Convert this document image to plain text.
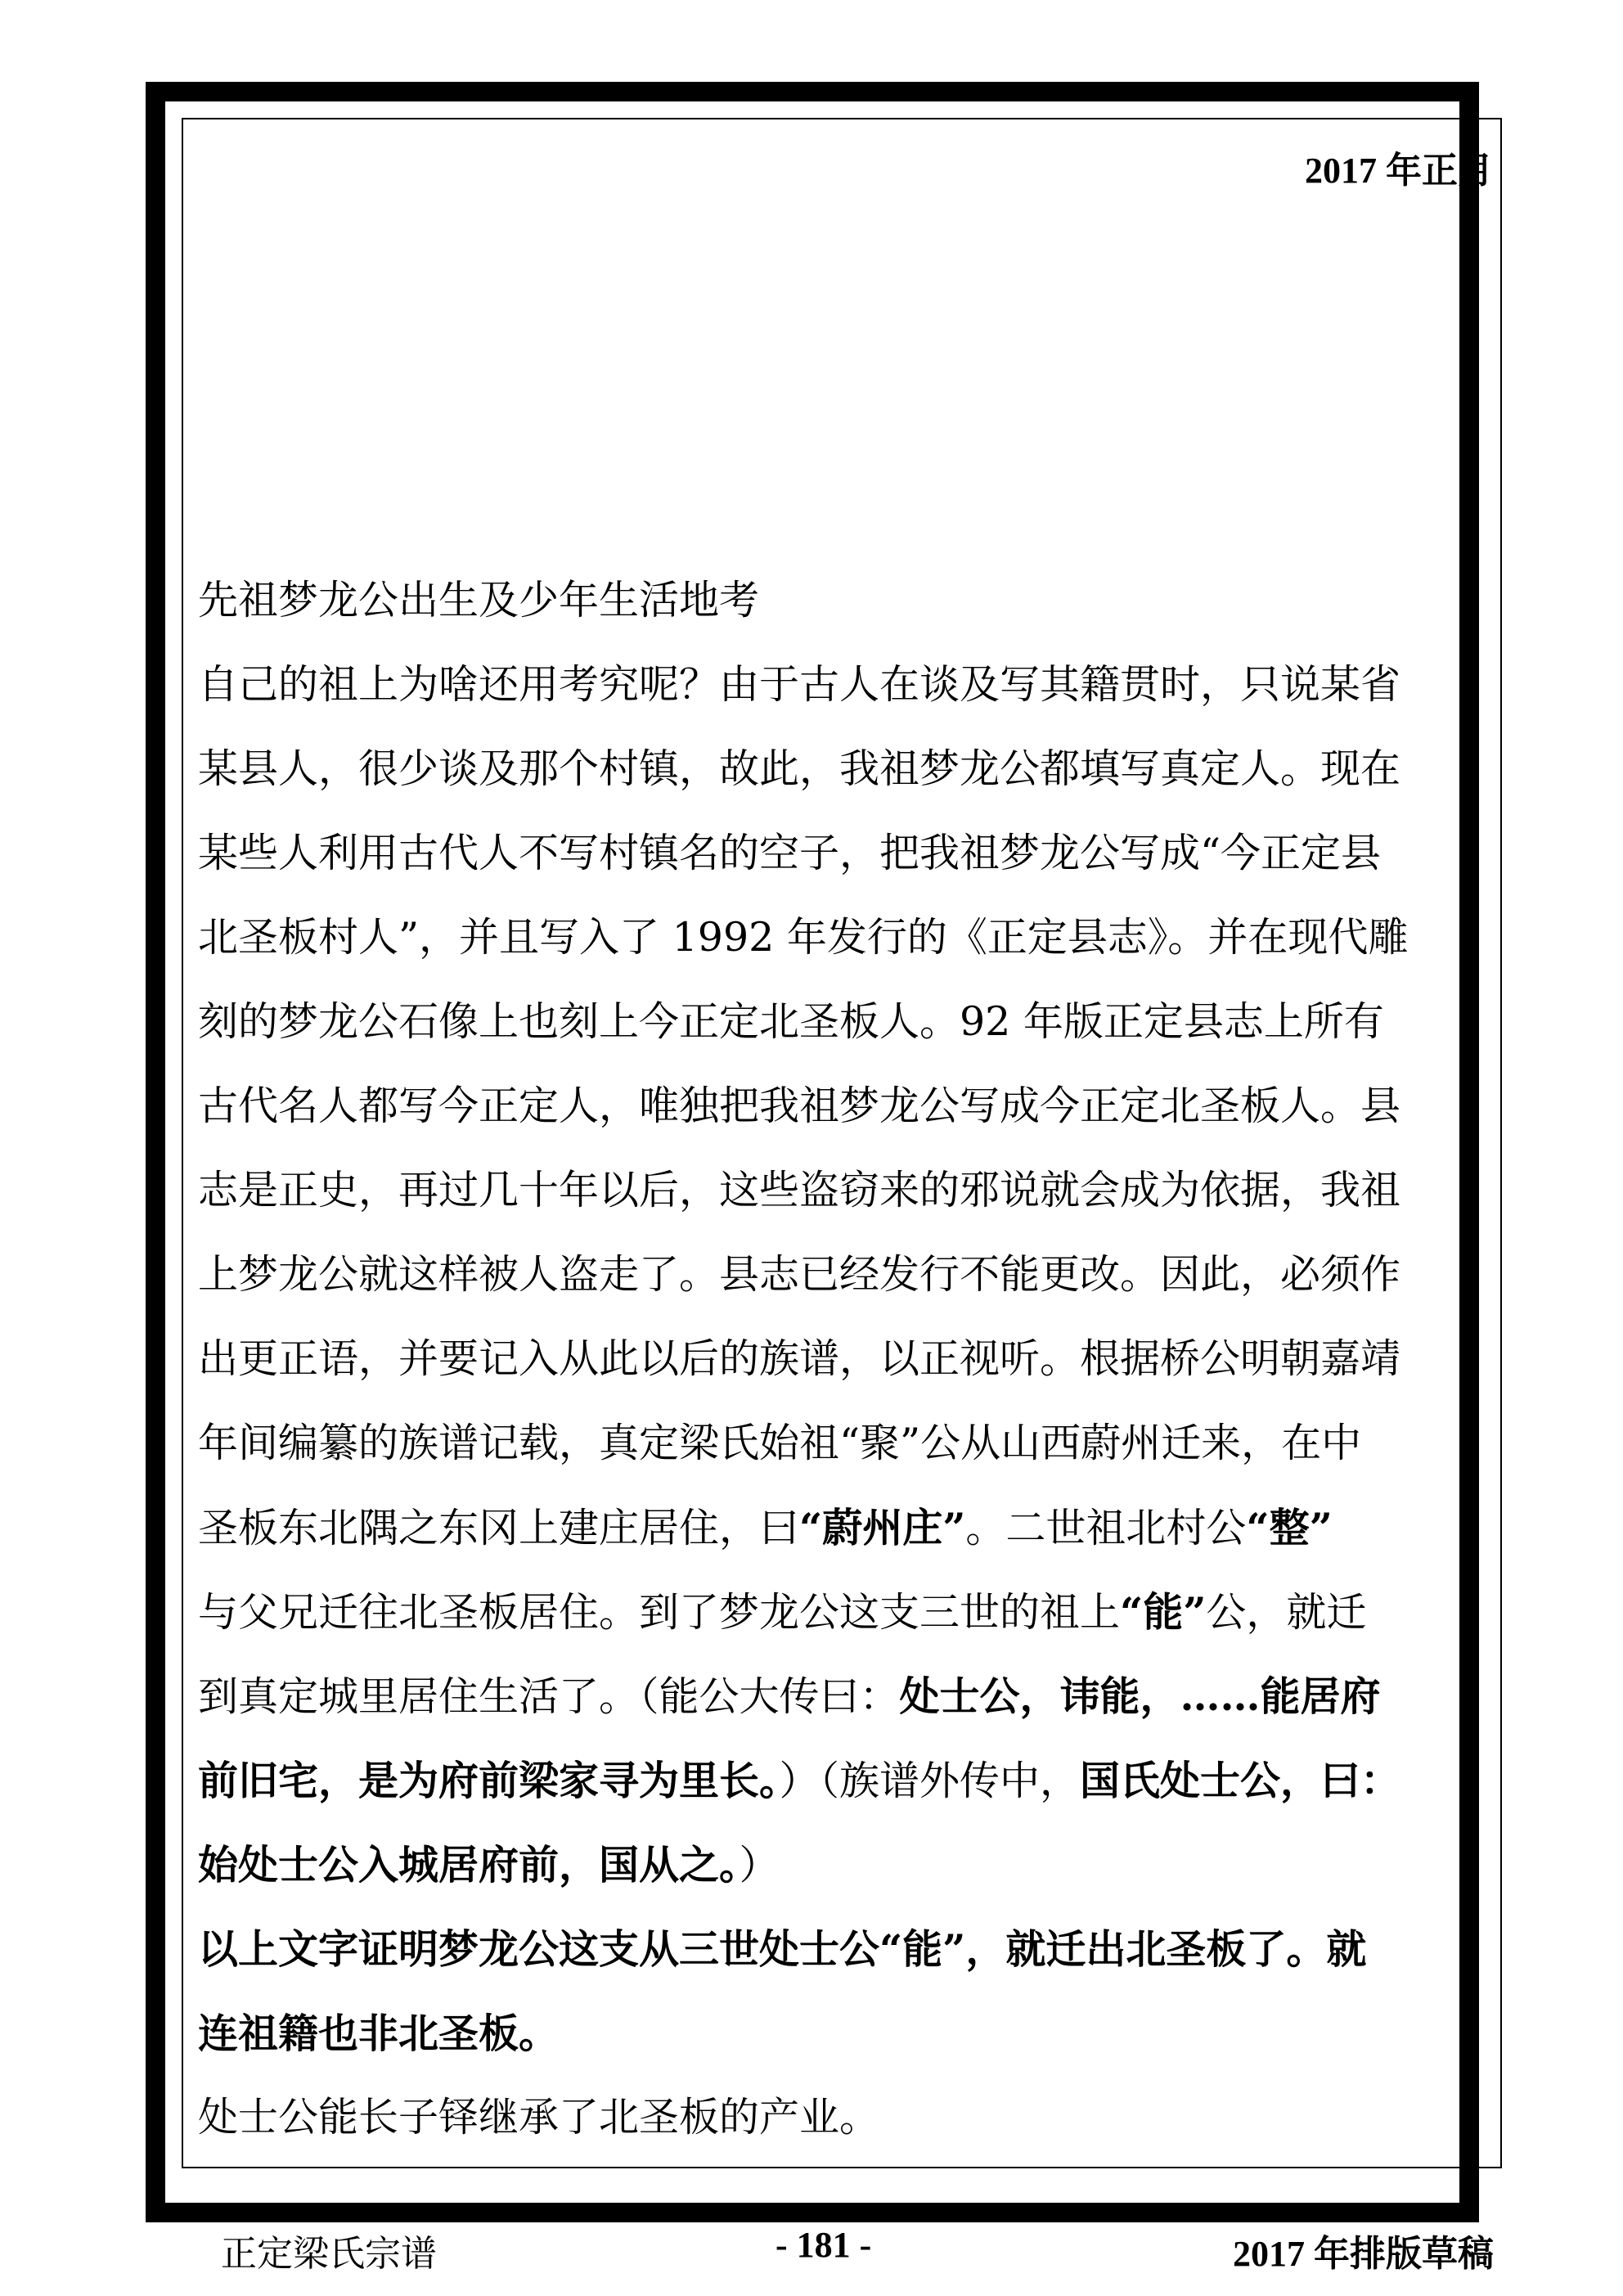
2017 年正月
先祖梦龙公出生及少年生活地考
自己的祖上为啥还用考究呢？由于古人在谈及写其籍贯时，只说某省
某县人，很少谈及那个村镇，故此，我祖梦龙公都填写真定人。现在
某些人利用古代人不写村镇名的空子，把我祖梦龙公写成“今正定县
北圣板村人”，并且写入了 1992 年发行的《正定县志》。并在现代雕
刻的梦龙公石像上也刻上今正定北圣板人。92 年版正定县志上所有
古代名人都写今正定人，唯独把我祖梦龙公写成今正定北圣板人。县
志是正史，再过几十年以后，这些盗窃来的邪说就会成为依据，我祖
上梦龙公就这样被人盗走了。县志已经发行不能更改。因此，必须作
出更正语，并要记入从此以后的族谱，以正视听。根据桥公明朝嘉靖
年间编纂的族谱记载，真定梁氏始祖“聚”公从山西蔚州迁来，在中
圣板东北隅之东冈上建庄居住，曰“蔚州庄”。二世祖北村公“整”
与父兄迁往北圣板居住。到了梦龙公这支三世的祖上“能”公，就迁
到真定城里居住生活了。（能公大传曰：处士公，讳能，……能居府
前旧宅，是为府前梁家寻为里长。）（族谱外传中，国氏处士公，曰：
始处士公入城居府前，国从之。）
以上文字证明梦龙公这支从三世处士公“能”，就迁出北圣板了。就
连祖籍也非北圣板。
处士公能长子铎继承了北圣板的产业。
正定梁氏宗谱	- 181 -	2017 年排版草稿
